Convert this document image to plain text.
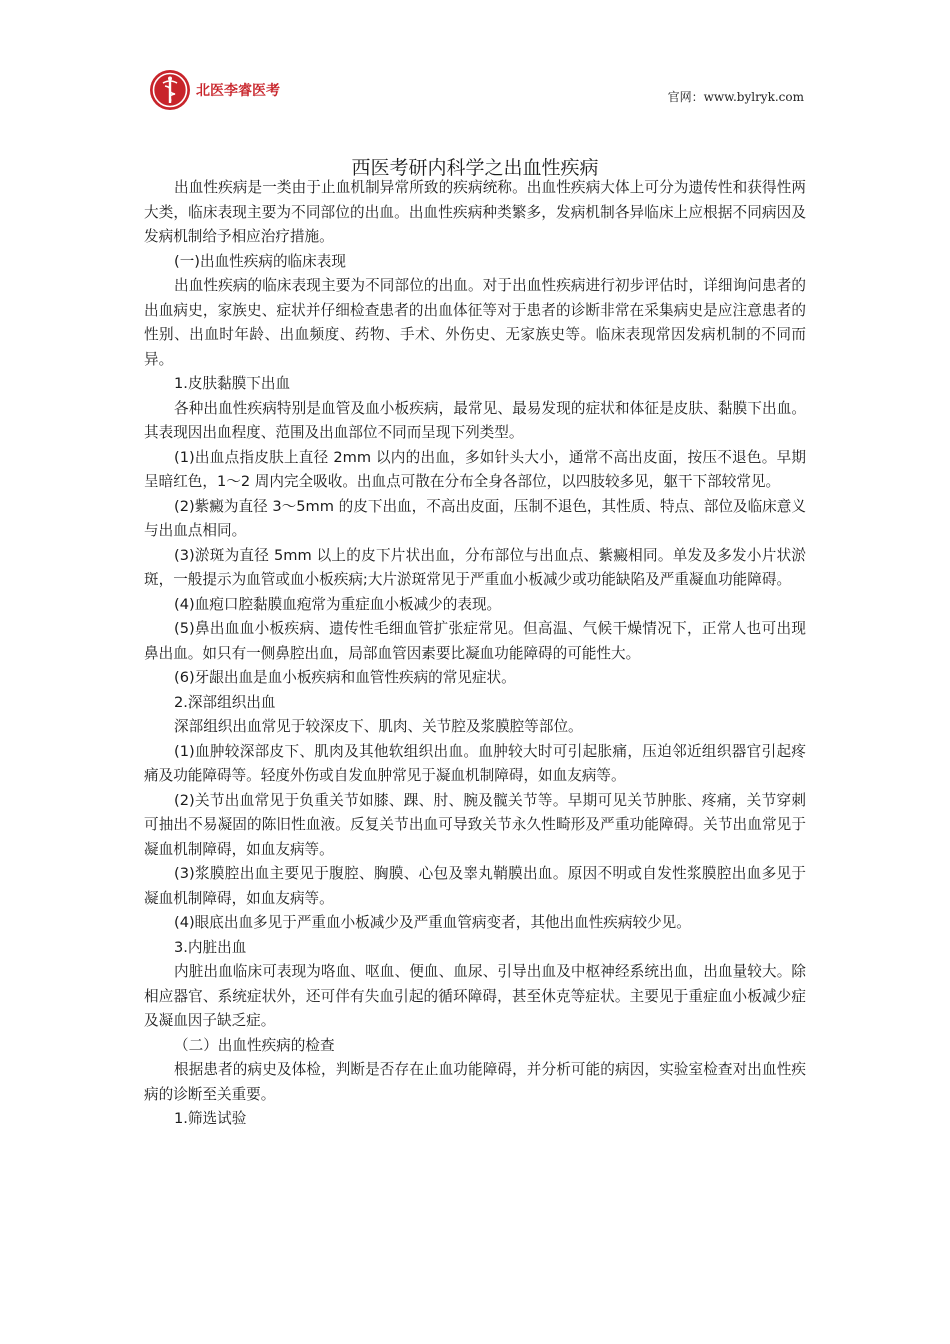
北医李睿医考	官网：www.bylryk.com
西医考研内科学之出血性疾病

出血性疾病是一类由于止血机制异常所致的疾病统称。出血性疾病大体上可分为遗传性和获得性两大类，临床表现主要为不同部位的出血。出血性疾病种类繁多，发病机制各异临床上应根据不同病因及发病机制给予相应治疗措施。

(一)出血性疾病的临床表现

出血性疾病的临床表现主要为不同部位的出血。对于出血性疾病进行初步评估时，详细询问患者的出血病史，家族史、症状并仔细检查患者的出血体征等对于患者的诊断非常在采集病史是应注意患者的性别、出血时年龄、出血频度、药物、手术、外伤史、无家族史等。临床表现常因发病机制的不同而异。

1.皮肤黏膜下出血

各种出血性疾病特别是血管及血小板疾病，最常见、最易发现的症状和体征是皮肤、黏膜下出血。其表现因出血程度、范围及出血部位不同而呈现下列类型。

(1)出血点指皮肤上直径 2mm 以内的出血，多如针头大小，通常不高出皮面，按压不退色。早期呈暗红色，1～2 周内完全吸收。出血点可散在分布全身各部位，以四肢较多见，躯干下部较常见。

(2)紫癜为直径 3～5mm 的皮下出血，不高出皮面，压制不退色，其性质、特点、部位及临床意义与出血点相同。

(3)淤斑为直径 5mm 以上的皮下片状出血，分布部位与出血点、紫癜相同。单发及多发小片状淤斑，一般提示为血管或血小板疾病;大片淤斑常见于严重血小板减少或功能缺陷及严重凝血功能障碍。

(4)血疱口腔黏膜血疱常为重症血小板减少的表现。

(5)鼻出血血小板疾病、遗传性毛细血管扩张症常见。但高温、气候干燥情况下，正常人也可出现鼻出血。如只有一侧鼻腔出血，局部血管因素要比凝血功能障碍的可能性大。

(6)牙龈出血是血小板疾病和血管性疾病的常见症状。

2.深部组织出血

深部组织出血常见于较深皮下、肌肉、关节腔及浆膜腔等部位。

(1)血肿较深部皮下、肌肉及其他软组织出血。血肿较大时可引起胀痛，压迫邻近组织器官引起疼痛及功能障碍等。轻度外伤或自发血肿常见于凝血机制障碍，如血友病等。

(2)关节出血常见于负重关节如膝、踝、肘、腕及髋关节等。早期可见关节肿胀、疼痛，关节穿刺可抽出不易凝固的陈旧性血液。反复关节出血可导致关节永久性畸形及严重功能障碍。关节出血常见于凝血机制障碍，如血友病等。

(3)浆膜腔出血主要见于腹腔、胸膜、心包及睾丸鞘膜出血。原因不明或自发性浆膜腔出血多见于凝血机制障碍，如血友病等。

(4)眼底出血多见于严重血小板减少及严重血管病变者，其他出血性疾病较少见。

3.内脏出血

内脏出血临床可表现为咯血、呕血、便血、血尿、引导出血及中枢神经系统出血，出血量较大。除相应器官、系统症状外，还可伴有失血引起的循环障碍，甚至休克等症状。主要见于重症血小板减少症及凝血因子缺乏症。

（二）出血性疾病的检查

根据患者的病史及体检，判断是否存在止血功能障碍，并分析可能的病因，实验室检查对出血性疾病的诊断至关重要。

1.筛选试验
